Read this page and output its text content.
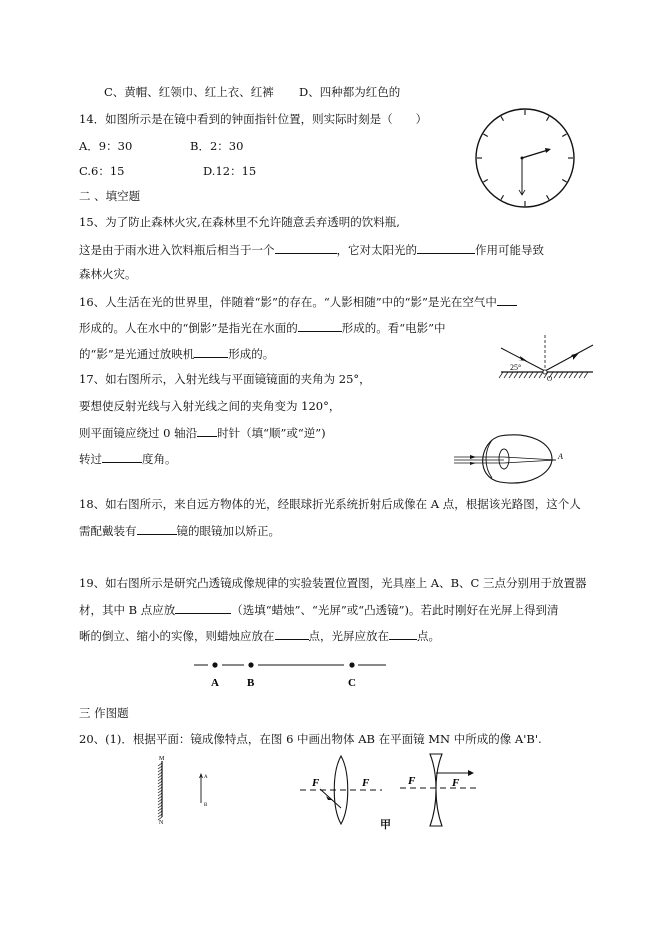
C、黄帽、红领巾、红上衣、红裤 D、四种都为红色的
14．如图所示是在镜中看到的钟面指针位置，则实际时刻是（　　）
A．9：30	B．2：30
C.6：15	D.12：15
二 、填空题
15、为了防止森林火灾,在森林里不允许随意丢弃透明的饮料瓶,
这是由于雨水进入饮料瓶后相当于一个	，它对太阳光的	作用可能导致
森林火灾。
16、人生活在光的世界里，伴随着“影”的存在。“人影相随”中的“影”是光在空气中
形成的。人在水中的“倒影”是指光在水面的	形成的。看“电影”中
的“影”是光通过放映机	形成的。
25°
O
17、如右图所示，入射光线与平面镜镜面的夹角为 25°，
要想使反射光线与入射光线之间的夹角变为 120°，
则平面镜应绕过 0 轴沿 时针（填“顺”或“逆”)
转过	度角。	A
18、如右图所示，来自远方物体的光，经眼球折光系统折射后成像在 A 点，根据该光路图，这个人
需配戴装有	镜的眼镜加以矫正。
19、如右图所示是研究凸透镜成像规律的实验装置位置图，光具座上 A、B、C 三点分别用于放置器
材，其中 B 点应放	（选填“蜡烛”、“光屏”或“凸透镜”)。若此时刚好在光屏上得到清
晰的倒立、缩小的实像，则蜡烛应放在	点，光屏应放在 点。
A	B	C
三 作图题
20、(1)．根据平面：镜成像特点，在图 6 中画出物体 AB 在平面镜 MN 中所成的像 A'B'.
M
N
A
B
F	F	F	F
甲
